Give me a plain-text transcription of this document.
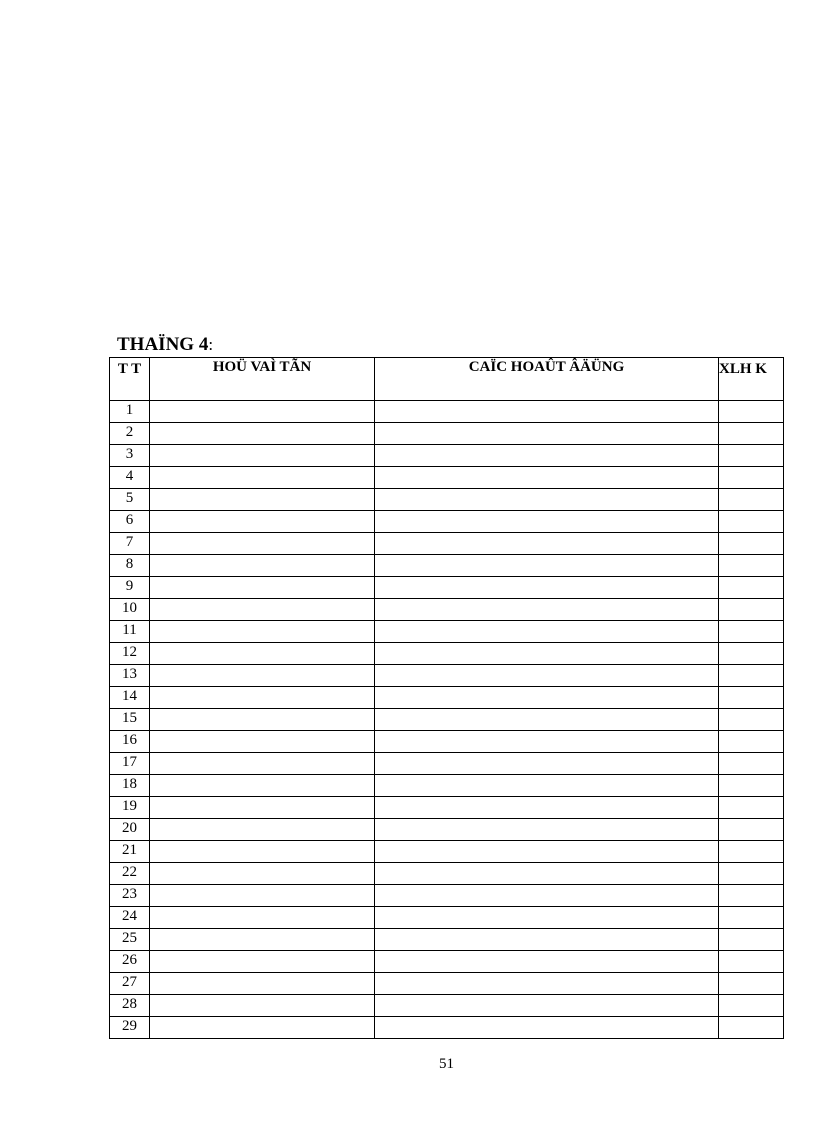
THAÏNG 4:
T T	HOÜ VAÌ TÃN	CAÏC HOAÛT ÂÄÜNG	XLH K

1			
2			
3			
4			
5			
6			
7			
8			
9			
10			
11			
12			
13			
14			
15			
16			
17			
18			
19			
20			
21			
22			
23			
24			
25			
26			
27			
28			
29			
51
